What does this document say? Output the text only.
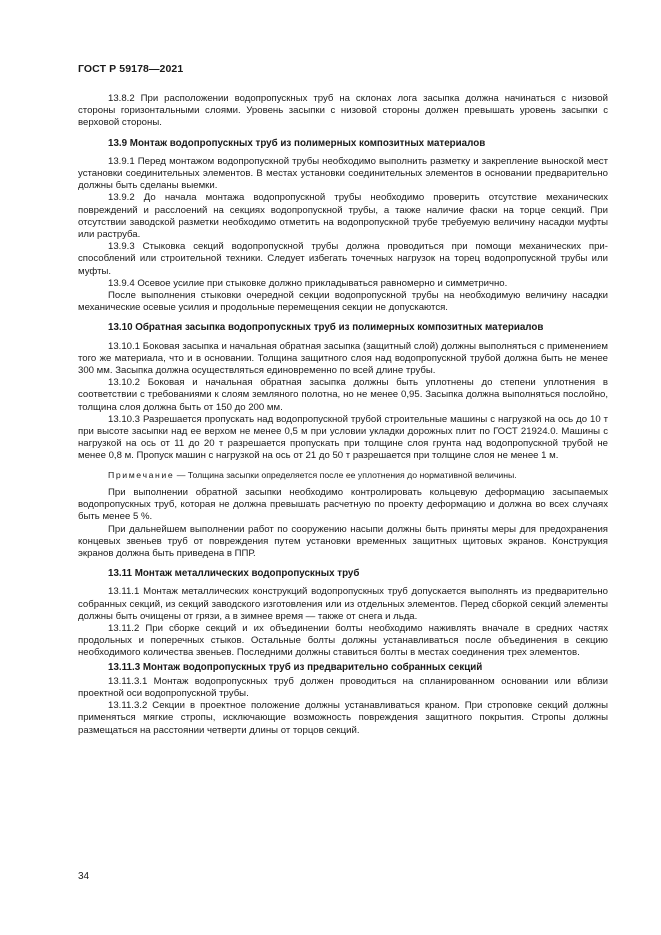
ГОСТ Р 59178—2021

13.8.2 При расположении водопропускных труб на склонах лога засыпка должна начинаться с низовой стороны горизонтальными слоями. Уровень засыпки с низовой стороны должен превышать уровень засыпки с верховой стороны.

13.9 Монтаж водопропускных труб из полимерных композитных материалов

13.9.1 Перед монтажом водопропускной трубы необходимо выполнить разметку и закрепление выноской мест установки соединительных элементов. В местах установки соединительных элементов в основании предварительно должны быть сделаны выемки.

13.9.2 До начала монтажа водопропускной трубы необходимо проверить отсутствие механических повреждений и расслоений на секциях водопропускной трубы, а также наличие фаски на торце секций. При отсутствии заводской разметки необходимо отметить на водопропускной трубе требуемую величину насадки муфты или раструба.

13.9.3 Стыковка секций водопропускной трубы должна проводиться при помощи механических приспособлений или строительной техники. Следует избегать точечных нагрузок на торец водопропускной трубы или муфты.

13.9.4 Осевое усилие при стыковке должно прикладываться равномерно и симметрично.

После выполнения стыковки очередной секции водопропускной трубы на необходимую величину насадки механические осевые усилия и продольные перемещения секции не допускаются.

13.10 Обратная засыпка водопропускных труб из полимерных композитных материалов

13.10.1 Боковая засыпка и начальная обратная засыпка (защитный слой) должны выполняться с применением того же материала, что и в основании. Толщина защитного слоя над водопропускной трубой должна быть не менее 300 мм. Засыпка должна осуществляться единовременно по всей длине трубы.

13.10.2 Боковая и начальная обратная засыпка должны быть уплотнены до степени уплотнения в соответствии с требованиями к слоям земляного полотна, но не менее 0,95. Засыпка должна выполняться послойно, толщина слоя должна быть от 150 до 200 мм.

13.10.3 Разрешается пропускать над водопропускной трубой строительные машины с нагрузкой на ось до 10 т при высоте засыпки над ее верхом не менее 0,5 м при условии укладки дорожных плит по ГОСТ 21924.0. Машины с нагрузкой на ось от 11 до 20 т разрешается пропускать при толщине слоя грунта над водопропускной трубой не менее 0,8 м. Пропуск машин с нагрузкой на ось от 21 до 50 т разрешается при толщине слоя не менее 1 м.

Примечание — Толщина засыпки определяется после ее уплотнения до нормативной величины.

При выполнении обратной засыпки необходимо контролировать кольцевую деформацию засыпаемых водопропускных труб, которая не должна превышать расчетную по проекту деформацию и должна во всех случаях быть менее 5 %.

При дальнейшем выполнении работ по сооружению насыпи должны быть приняты меры для предохранения концевых звеньев труб от повреждения путем установки временных защитных щитовых экранов. Конструкция экранов должна быть приведена в ППР.

13.11 Монтаж металлических водопропускных труб

13.11.1 Монтаж металлических конструкций водопропускных труб допускается выполнять из предварительно собранных секций, из секций заводского изготовления или из отдельных элементов. Перед сборкой секций элементы должны быть очищены от грязи, а в зимнее время — также от снега и льда.

13.11.2 При сборке секций и их объединении болты необходимо наживлять вначале в средних частях продольных и поперечных стыков. Остальные болты должны устанавливаться после объединения в секцию необходимого количества звеньев. Последними должны ставиться болты в местах соединения трех элементов.

13.11.3 Монтаж водопропускных труб из предварительно собранных секций

13.11.3.1 Монтаж водопропускных труб должен проводиться на спланированном основании или вблизи проектной оси водопропускной трубы.

13.11.3.2 Секции в проектное положение должны устанавливаться краном. При строповке секций должны применяться мягкие стропы, исключающие возможность повреждения защитного покрытия. Стропы должны размещаться на расстоянии четверти длины от торцов секций.

34
